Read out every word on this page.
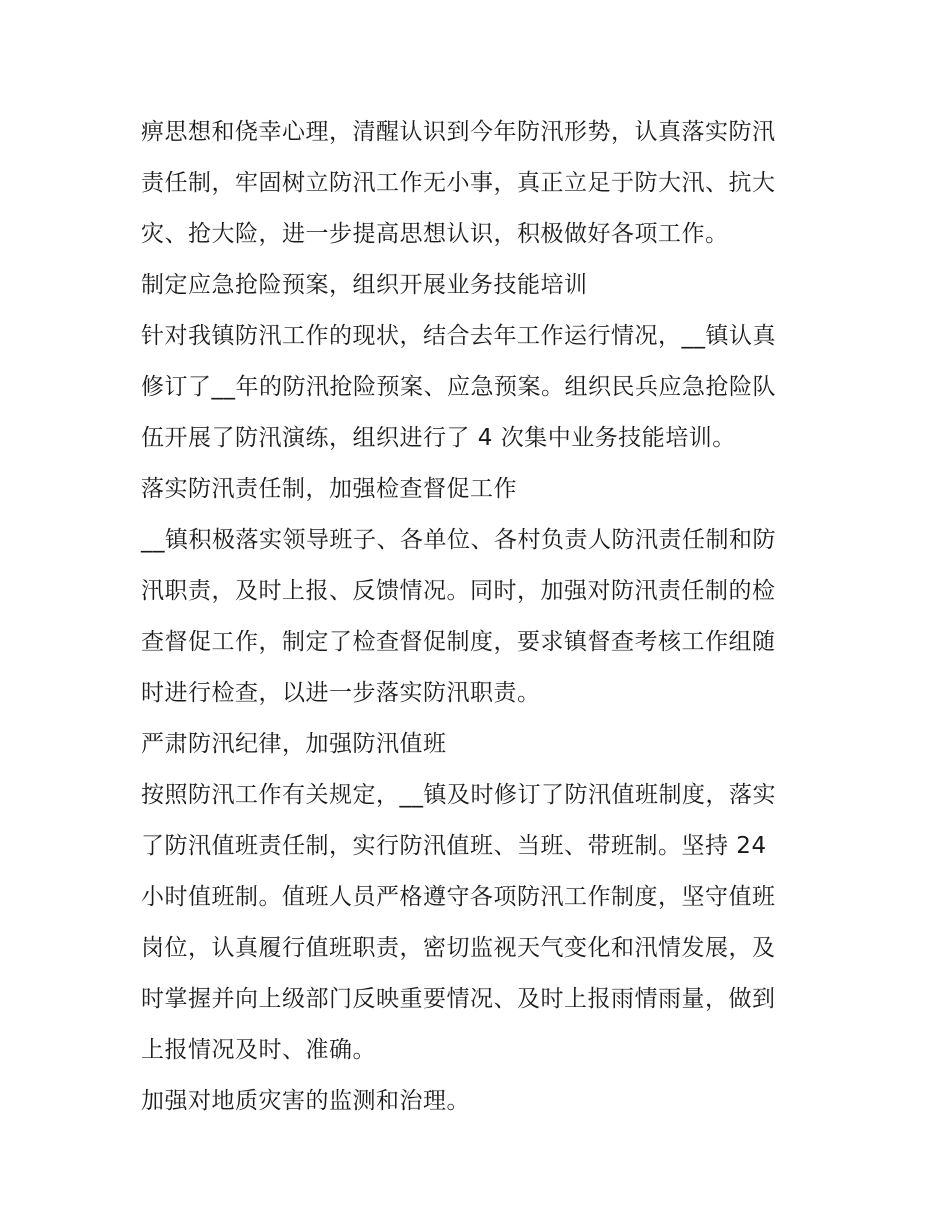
痹思想和侥幸心理，清醒认识到今年防汛形势，认真落实防汛
责任制，牢固树立防汛工作无小事，真正立足于防大汛、抗大
灾、抢大险，进一步提高思想认识，积极做好各项工作。
制定应急抢险预案，组织开展业务技能培训
针对我镇防汛工作的现状，结合去年工作运行情况，__镇认真
修订了__年的防汛抢险预案、应急预案。组织民兵应急抢险队
伍开展了防汛演练，组织进行了 4 次集中业务技能培训。
落实防汛责任制，加强检查督促工作
__镇积极落实领导班子、各单位、各村负责人防汛责任制和防
汛职责，及时上报、反馈情况。同时，加强对防汛责任制的检
查督促工作，制定了检查督促制度，要求镇督查考核工作组随
时进行检查，以进一步落实防汛职责。
严肃防汛纪律，加强防汛值班
按照防汛工作有关规定，__镇及时修订了防汛值班制度，落实
了防汛值班责任制，实行防汛值班、当班、带班制。坚持 24
小时值班制。值班人员严格遵守各项防汛工作制度，坚守值班
岗位，认真履行值班职责，密切监视天气变化和汛情发展，及
时掌握并向上级部门反映重要情况、及时上报雨情雨量，做到
上报情况及时、准确。
加强对地质灾害的监测和治理。
